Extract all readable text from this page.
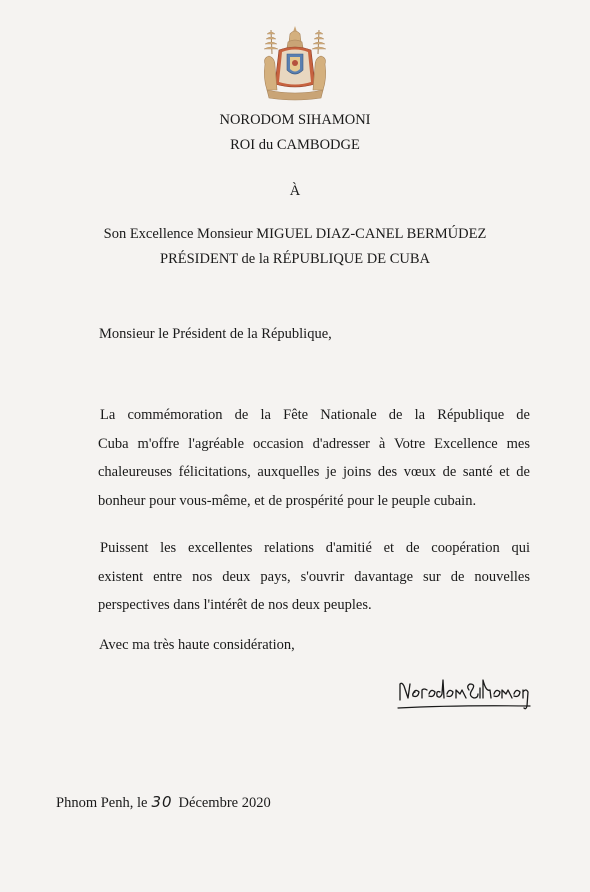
NORODOM SIHAMONI
ROI du CAMBODGE
À
Son Excellence Monsieur MIGUEL DIAZ-CANEL BERMÚDEZ
PRÉSIDENT de la RÉPUBLIQUE DE CUBA
Monsieur le Président de la République,
La commémoration de la Fête Nationale de la République de
Cuba m'offre l'agréable occasion d'adresser à Votre Excellence mes
chaleureuses félicitations, auxquelles je joins des vœux de santé et de
bonheur pour vous-même, et de prospérité pour le peuple cubain.
Puissent les excellentes relations d'amitié et de coopération qui
existent entre nos deux pays, s'ouvrir davantage sur de nouvelles
perspectives dans l'intérêt de nos deux peuples.
Avec ma très haute considération,
Phnom Penh, le 30 Décembre 2020
